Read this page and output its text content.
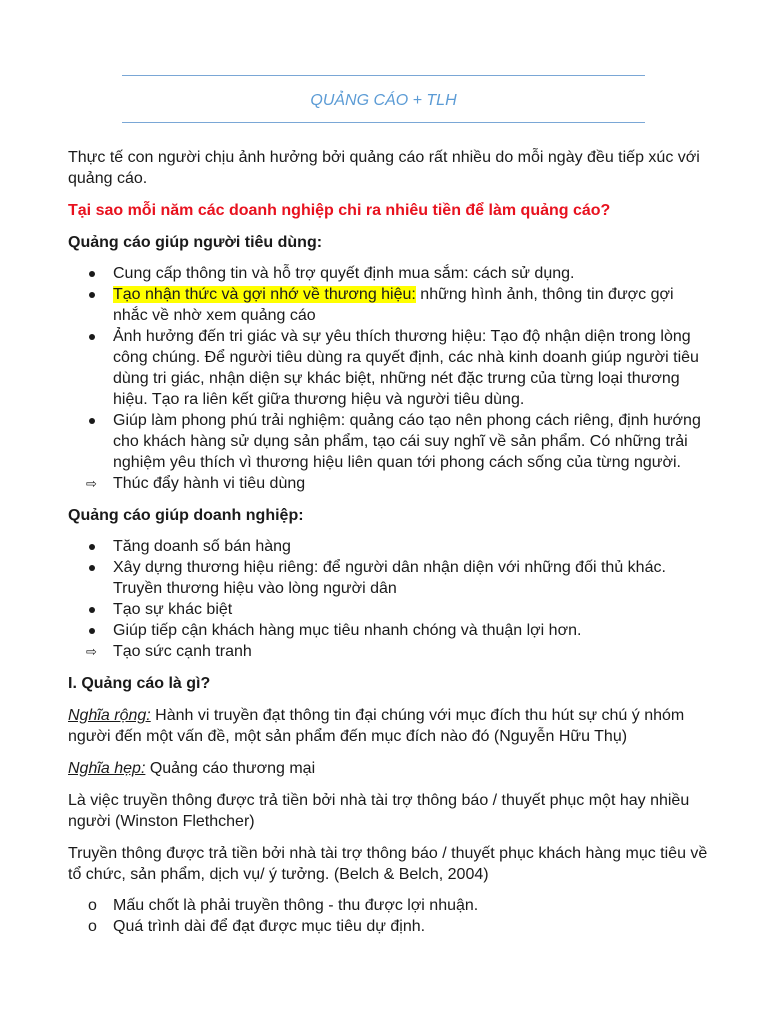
QUẢNG CÁO + TLH

Thực tế con người chịu ảnh hưởng bởi quảng cáo rất nhiều do mỗi ngày đều tiếp xúc với quảng cáo.

Tại sao mỗi năm các doanh nghiệp chi ra nhiêu tiền để làm quảng cáo?

Quảng cáo giúp người tiêu dùng:

Cung cấp thông tin và hỗ trợ quyết định mua sắm: cách sử dụng.
Tạo nhận thức và gợi nhớ về thương hiệu: những hình ảnh, thông tin được gợi nhắc về nhờ xem quảng cáo
Ảnh hưởng đến tri giác và sự yêu thích thương hiệu: Tạo độ nhận diện trong lòng công chúng. Để người tiêu dùng ra quyết định, các nhà kinh doanh giúp người tiêu dùng tri giác, nhận diện sự khác biệt, những nét đặc trưng của từng loại thương hiệu. Tạo ra liên kết giữa thương hiệu và người tiêu dùng.
Giúp làm phong phú trải nghiệm: quảng cáo tạo nên phong cách riêng, định hướng cho khách hàng sử dụng sản phẩm, tạo cái suy nghĩ về sản phẩm. Có những trải nghiệm yêu thích vì thương hiệu liên quan tới phong cách sống của từng người.
⇨	Thúc đẩy hành vi tiêu dùng

Quảng cáo giúp doanh nghiệp:

Tăng doanh số bán hàng
Xây dựng thương hiệu riêng: để người dân nhận diện với những đối thủ khác. Truyền thương hiệu vào lòng người dân
Tạo sự khác biệt
Giúp tiếp cận khách hàng mục tiêu nhanh chóng và thuận lợi hơn.
⇨	Tạo sức cạnh tranh

I. Quảng cáo là gì?

Nghĩa rộng: Hành vi truyền đạt thông tin đại chúng với mục đích thu hút sự chú ý nhóm người đến một vấn đề, một sản phẩm đến mục đích nào đó (Nguyễn Hữu Thụ)

Nghĩa hẹp: Quảng cáo thương mại

Là việc truyền thông được trả tiền bởi nhà tài trợ thông báo / thuyết phục một hay nhiều người (Winston Flethcher)

Truyền thông được trả tiền bởi nhà tài trợ thông báo / thuyết phục khách hàng mục tiêu về tổ chức, sản phẩm, dịch vụ/ ý tưởng. (Belch & Belch, 2004)

o	Mấu chốt là phải truyền thông - thu được lợi nhuận.
o	Quá trình dài để đạt được mục tiêu dự định.
